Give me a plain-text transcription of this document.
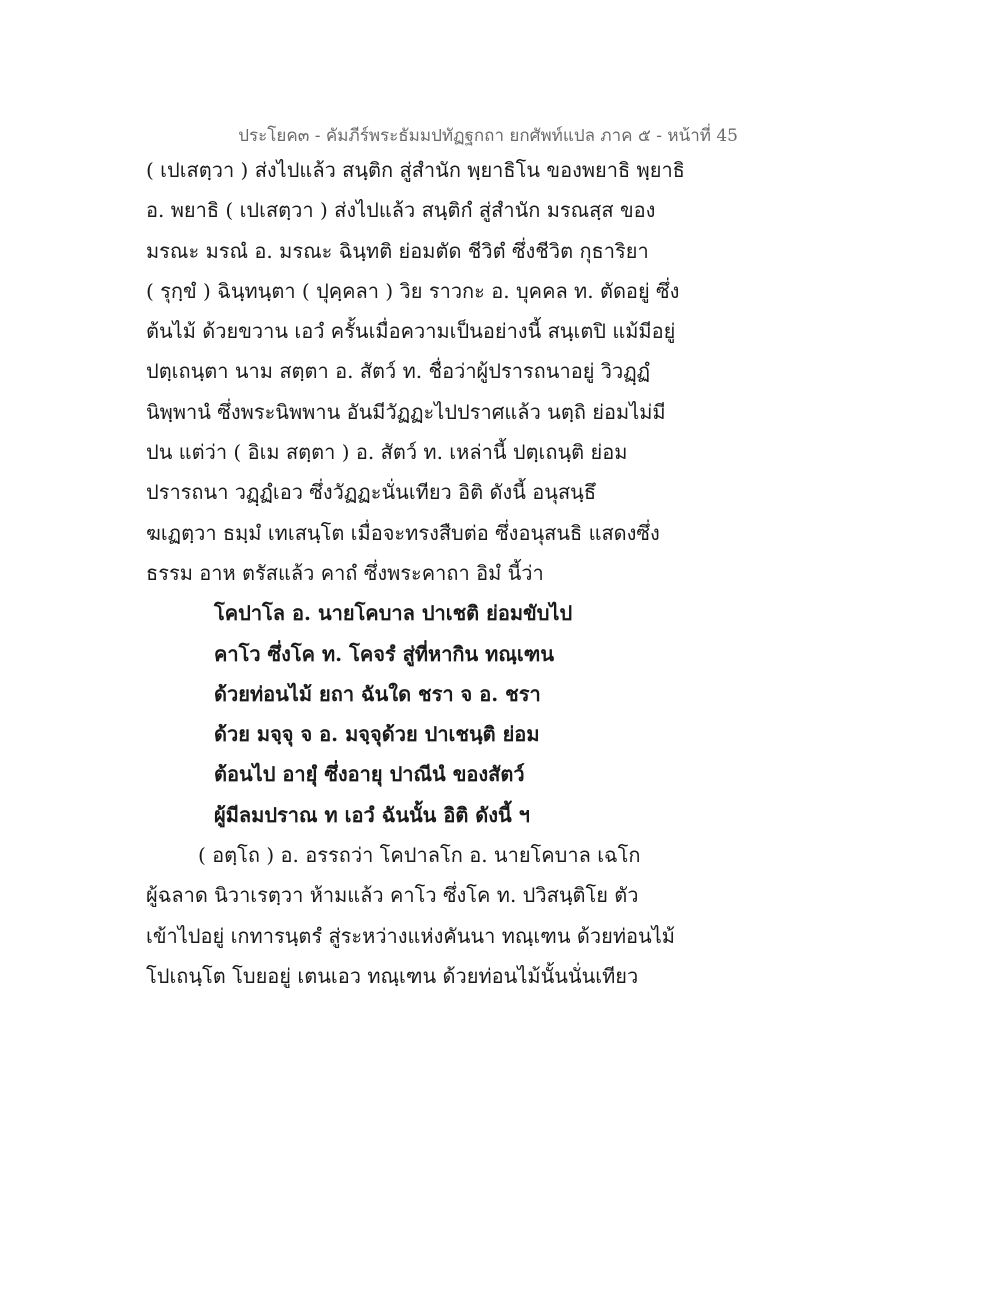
ประโยค๓ - คัมภีร์พระธัมมปทัฏฐกถา ยกศัพท์แปล ภาค ๕ - หน้าที่ 45
( เปเสตฺวา ) ส่งไปแล้ว สนฺติก สู่สำนัก พฺยาธิโน ของพยาธิ พฺยาธิ
อ. พยาธิ ( เปเสตฺวา ) ส่งไปแล้ว สนฺติกํ สู่สำนัก มรณสฺส ของ
มรณะ มรณํ อ. มรณะ ฉินฺทติ ย่อมตัด ชีวิตํ ซึ่งชีวิต กุธาริยา
( รุกฺขํ ) ฉินฺทนฺตา ( ปุคฺคลา ) วิย ราวกะ อ. บุคคล ท. ตัดอยู่ ซึ่ง
ต้นไม้ ด้วยขวาน เอวํ ครั้นเมื่อความเป็นอย่างนี้ สนฺเตปิ แม้มีอยู่
ปตฺเถนฺตา นาม สตฺตา อ. สัตว์ ท. ชื่อว่าผู้ปรารถนาอยู่ วิวฏฺฏํ
นิพฺพานํ ซึ่งพระนิพพาน อันมีวัฏฏะไปปราศแล้ว นตฺถิ ย่อมไม่มี
ปน แต่ว่า ( อิเม สตฺตา ) อ. สัตว์ ท. เหล่านี้ ปตฺเถนฺติ ย่อม
ปรารถนา วฏฺฏํเอว ซึ่งวัฏฏะนั่นเทียว อิติ ดังนี้ อนุสนฺธึ
ฆเฏตฺวา ธมฺมํ เทเสนฺโต เมื่อจะทรงสืบต่อ ซึ่งอนุสนธิ แสดงซึ่ง
ธรรม อาห ตรัสแล้ว คาถํ ซึ่งพระคาถา อิมํ นี้ว่า
โคปาโล อ. นายโคบาล ปาเชติ ย่อมขับไป
คาโว ซึ่งโค ท. โคจรํ สู่ที่หากิน ทณฺเฑน
ด้วยท่อนไม้ ยถา ฉันใด ชรา จ อ. ชรา
ด้วย มจฺจุ จ อ. มจฺจุด้วย ปาเชนฺติ ย่อม
ต้อนไป อายุํ ซึ่งอายุ ปาณีนํ ของสัตว์
ผู้มีลมปราณ ท เอวํ ฉันนั้น อิติ ดังนี้ ฯ
( อตฺโถ ) อ. อรรถว่า โคปาลโก อ. นายโคบาล เฉโก
ผู้ฉลาด นิวาเรตฺวา ห้ามแล้ว คาโว ซึ่งโค ท. ปวิสนฺติโย ตัว
เข้าไปอยู่ เกทารนฺตรํ สู่ระหว่างแห่งคันนา ทณฺเฑน ด้วยท่อนไม้
โปเถนฺโต โบยอยู่ เตนเอว ทณฺเฑน ด้วยท่อนไม้นั้นนั่นเทียว
